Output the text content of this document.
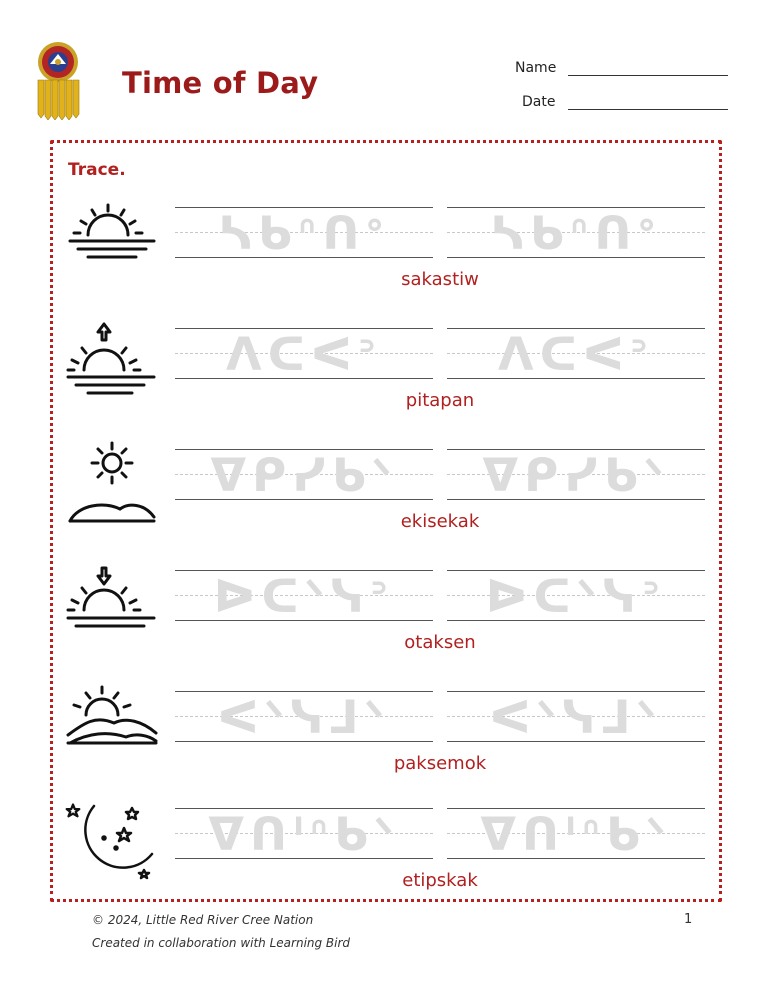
Time of Day	Name
Date
Trace.
ᓴᑲᐢᑎᐤ	ᓴᑲᐢᑎᐤ
sakastiw
ᐱᑕᐸᐣ	ᐱᑕᐸᐣ
pitapan
ᐁᑭᓯᑲᐠ	ᐁᑭᓯᑲᐠ
ekisekak
ᐅᑕᐠᓭᐣ	ᐅᑕᐠᓭᐣ
otaksen
ᐸᐠᓭᒧᐠ	ᐸᐠᓭᒧᐠ
paksemok
ᐁᑎᑊᐢᑲᐠ	ᐁᑎᑊᐢᑲᐠ
etipskak
© 2024, Little Red River Cree Nation
Created in collaboration with Learning Bird
1
